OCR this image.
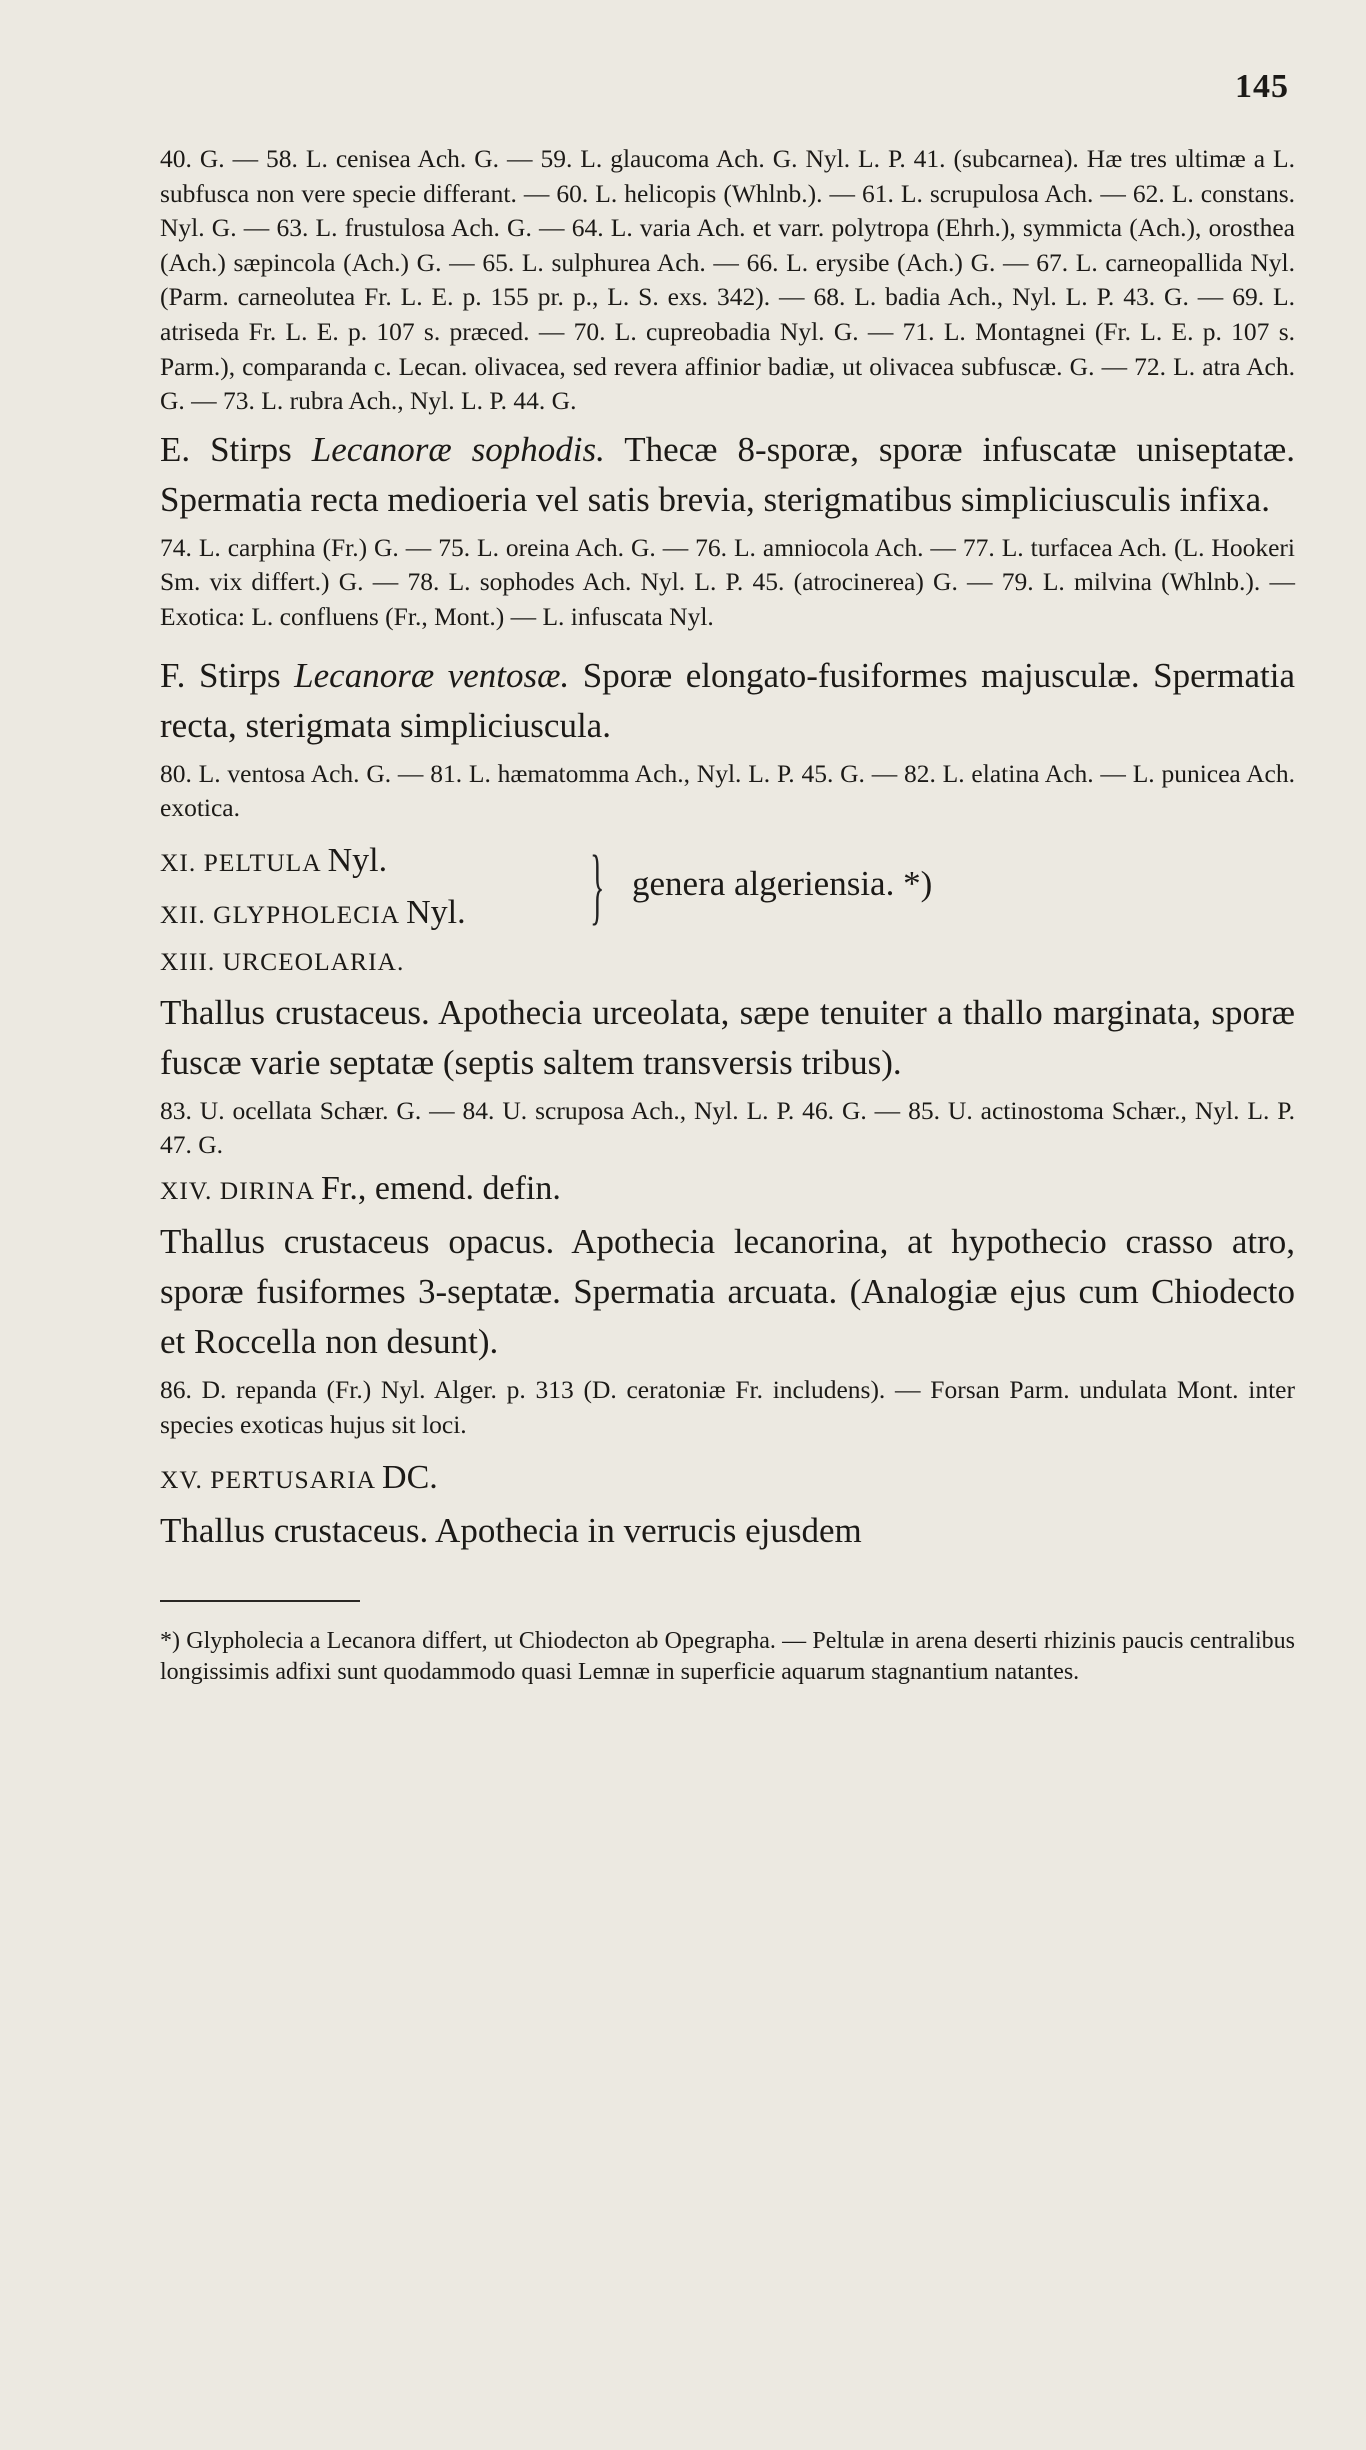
145

40. G. — 58. L. cenisea Ach. G. — 59. L. glaucoma Ach. G. Nyl. L. P. 41. (subcarnea). Hæ tres ultimæ a L. subfusca non vere specie differant. — 60. L. helicopis (Whlnb.). — 61. L. scrupulosa Ach. — 62. L. constans. Nyl. G. — 63. L. frustulosa Ach. G. — 64. L. varia Ach. et varr. polytropa (Ehrh.), symmicta (Ach.), orosthea (Ach.) sæpincola (Ach.) G. — 65. L. sulphurea Ach. — 66. L. erysibe (Ach.) G. — 67. L. carneopallida Nyl. (Parm. carneolutea Fr. L. E. p. 155 pr. p., L. S. exs. 342). — 68. L. badia Ach., Nyl. L. P. 43. G. — 69. L. atriseda Fr. L. E. p. 107 s. præced. — 70. L. cupreobadia Nyl. G. — 71. L. Montagnei (Fr. L. E. p. 107 s. Parm.), comparanda c. Lecan. olivacea, sed revera affinior badiæ, ut olivacea subfuscæ. G. — 72. L. atra Ach. G. — 73. L. rubra Ach., Nyl. L. P. 44. G.

E. Stirps Lecanoræ sophodis. Thecæ 8-sporæ, sporæ infuscatæ uniseptatæ. Spermatia recta medioeria vel satis brevia, sterigmatibus simpliciusculis infixa.

74. L. carphina (Fr.) G. — 75. L. oreina Ach. G. — 76. L. amniocola Ach. — 77. L. turfacea Ach. (L. Hookeri Sm. vix differt.) G. — 78. L. sophodes Ach. Nyl. L. P. 45. (atrocinerea) G. — 79. L. milvina (Whlnb.). — Exotica: L. confluens (Fr., Mont.) — L. infuscata Nyl.

F. Stirps Lecanoræ ventosæ. Sporæ elongato-fusiformes majusculæ. Spermatia recta, sterigmata simpliciuscula.

80. L. ventosa Ach. G. — 81. L. hæmatomma Ach., Nyl. L. P. 45. G. — 82. L. elatina Ach. — L. punicea Ach. exotica.

XI. PELTULA Nyl.
XII. GLYPHOLECIA Nyl. } genera algeriensia. *)

XIII. URCEOLARIA.

Thallus crustaceus. Apothecia urceolata, sæpe tenuiter a thallo marginata, sporæ fuscæ varie septatæ (septis saltem transversis tribus).

83. U. ocellata Schær. G. — 84. U. scruposa Ach., Nyl. L. P. 46. G. — 85. U. actinostoma Schær., Nyl. L. P. 47. G.

XIV. DIRINA Fr., emend. defin.

Thallus crustaceus opacus. Apothecia lecanorina, at hypothecio crasso atro, sporæ fusiformes 3-septatæ. Spermatia arcuata. (Analogiæ ejus cum Chiodecto et Roccella non desunt).

86. D. repanda (Fr.) Nyl. Alger. p. 313 (D. ceratoniæ Fr. includens). — Forsan Parm. undulata Mont. inter species exoticas hujus sit loci.

XV. PERTUSARIA DC.

Thallus crustaceus. Apothecia in verrucis ejusdem

*) Glypholecia a Lecanora differt, ut Chiodecton ab Opegrapha. — Peltulæ in arena deserti rhizinis paucis centralibus longissimis adfixi sunt quodammodo quasi Lemnæ in superficie aquarum stagnantium natantes.
